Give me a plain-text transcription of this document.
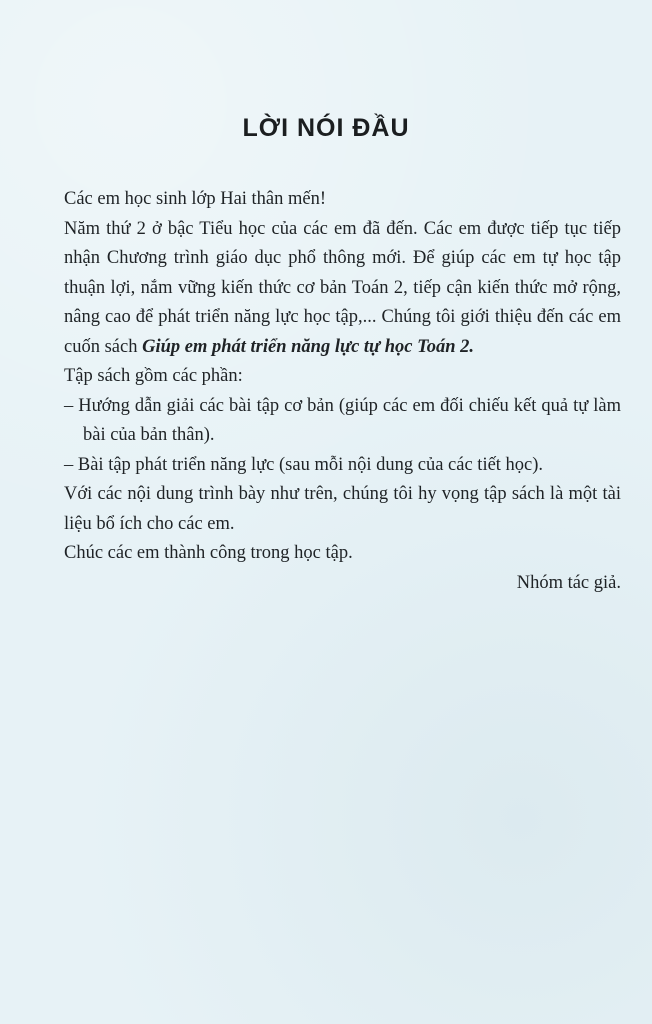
LỜI NÓI ĐẦU

Các em học sinh lớp Hai thân mến!

Năm thứ 2 ở bậc Tiểu học của các em đã đến. Các em được tiếp tục tiếp nhận Chương trình giáo dục phổ thông mới. Để giúp các em tự học tập thuận lợi, nắm vững kiến thức cơ bản Toán 2, tiếp cận kiến thức mở rộng, nâng cao để phát triển năng lực học tập,... Chúng tôi giới thiệu đến các em cuốn sách Giúp em phát triển năng lực tự học Toán 2.

Tập sách gồm các phần:

– Hướng dẫn giải các bài tập cơ bản (giúp các em đối chiếu kết quả tự làm bài của bản thân).

– Bài tập phát triển năng lực (sau mỗi nội dung của các tiết học).

Với các nội dung trình bày như trên, chúng tôi hy vọng tập sách là một tài liệu bổ ích cho các em.

Chúc các em thành công trong học tập.

Nhóm tác giả.
